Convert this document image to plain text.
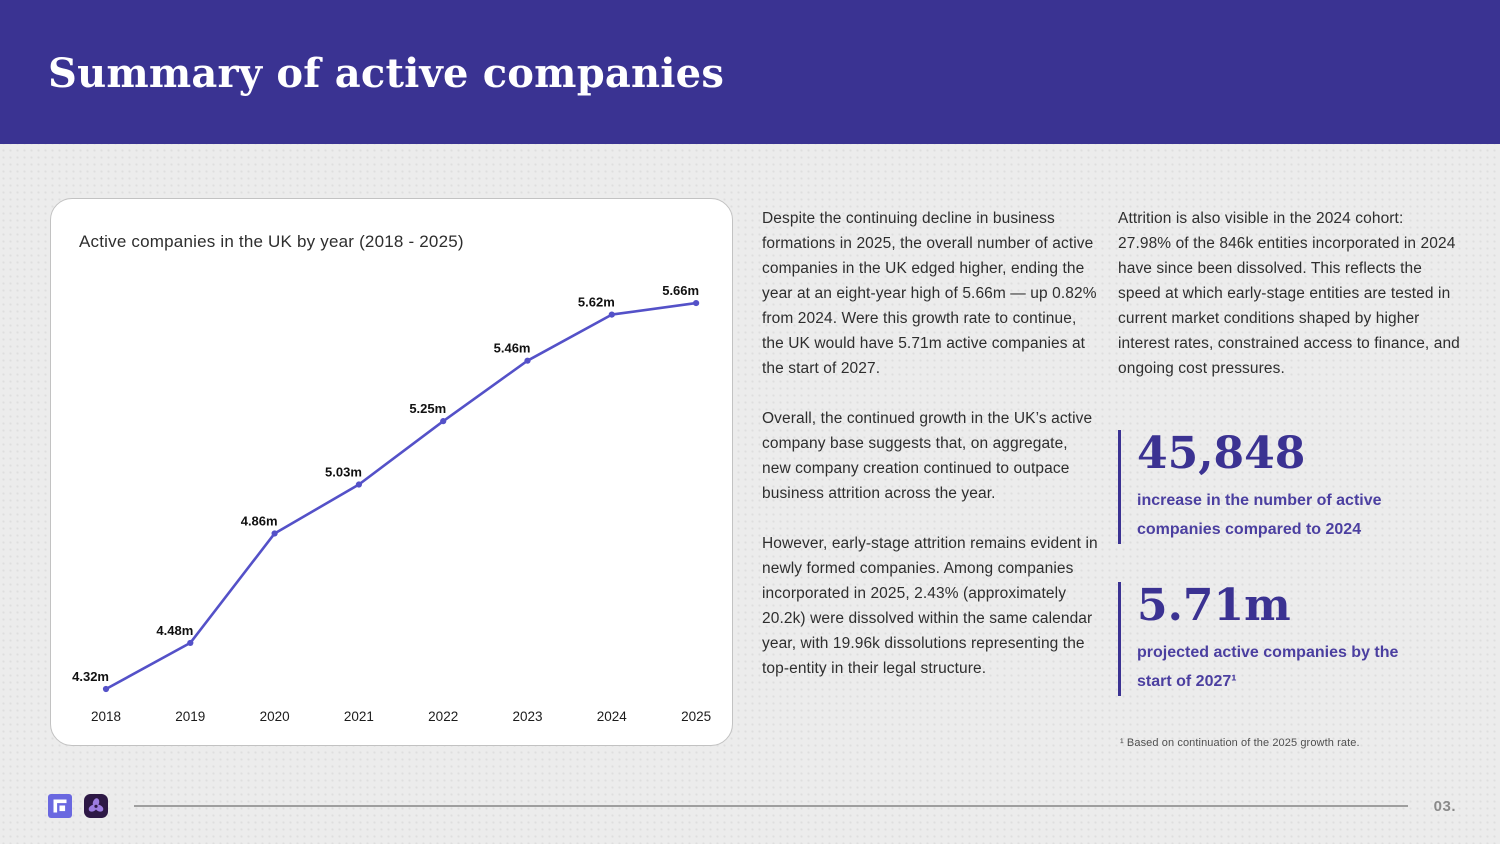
Summary of active companies
Active companies in the UK by year (2018 - 2025)
4.32m
2018
4.48m
2019
4.86m
2020
5.03m
2021
5.25m
2022
5.46m
2023
5.62m
2024
5.66m
2025

Despite the continuing decline in business formations in 2025, the overall number of active companies in the UK edged higher, ending the year at an eight-year high of 5.66m — up 0.82% from 2024. Were this growth rate to continue, the UK would have 5.71m active companies at the start of 2027.

Overall, the continued growth in the UK’s active company base suggests that, on aggregate, new company creation continued to outpace business attrition across the year.

However, early-stage attrition remains evident in newly formed companies. Among companies incorporated in 2025, 2.43% (approximately 20.2k) were dissolved within the same calendar year, with 19.96k dissolutions representing the top-entity in their legal structure.

Attrition is also visible in the 2024 cohort: 27.98% of the 846k entities incorporated in 2024 have since been dissolved. This reflects the speed at which early-stage entities are tested in current market conditions shaped by higher interest rates, constrained access to finance, and ongoing cost pressures.

45,848
increase in the number of active companies compared to 2024
5.71m
projected active companies by the start of 2027¹
¹ Based on continuation of the 2025 growth rate.
03.
